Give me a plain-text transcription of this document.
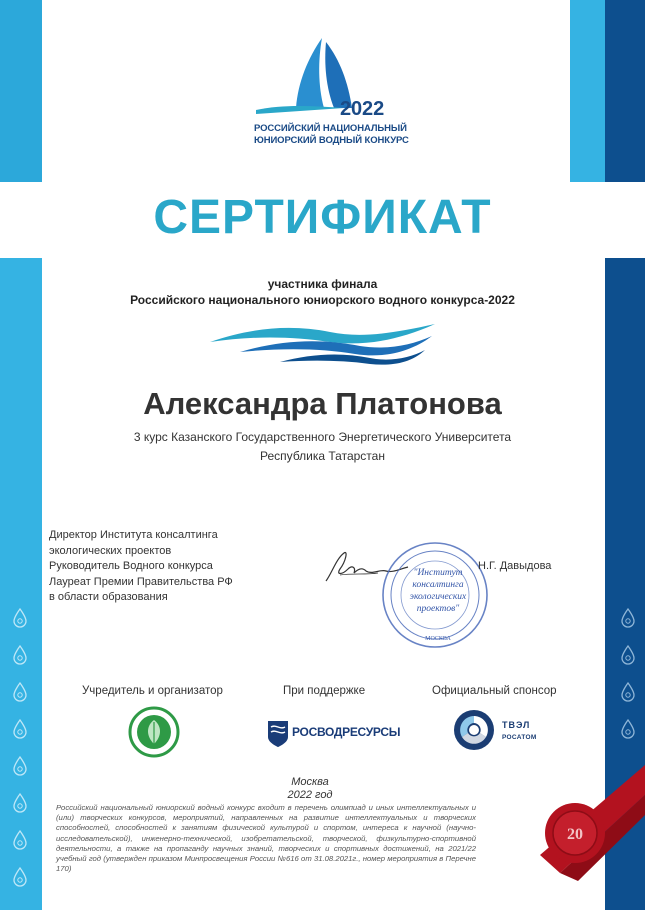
2022
РОССИЙСКИЙ НАЦИОНАЛЬНЫЙ
ЮНИОРСКИЙ ВОДНЫЙ КОНКУРС
СЕРТИФИКАТ
участника финала
Российского национального юниорского водного конкурса-2022
Александра Платонова
3 курс Казанского Государственного Энергетического Университета
Республика Татарстан
Директор Института консалтинга
экологических проектов
Руководитель Водного конкурса
Лауреат Премии Правительства РФ
в области образования
"Институт
консалтинга
экологических
проектов"
МОСКВА
Н.Г. Давыдова
Учредитель и организатор	При поддержке	Официальный спонсор
РОСВОДРЕСУРСЫ	ТВЭЛ
РОСАТОМ
Москва
2022 год
Российский национальный юниорский водный конкурс входит в перечень олимпиад и иных интеллектуальных и (или) творческих конкурсов, мероприятий, направленных на развитие интеллектуальных и творческих способностей, способностей к занятиям физической культурой и спортом, интереса к научной (научно-исследовательской), инженерно-технической, изобретательской, творческой, физкультурно-спортивной деятельности, а также на пропаганду научных знаний, творческих и спортивных достижений, на 2021/22 учебный год (утвержден приказом Минпросвещения России №616 от 31.08.2021г., номер мероприятия в Перечне 170)
20
